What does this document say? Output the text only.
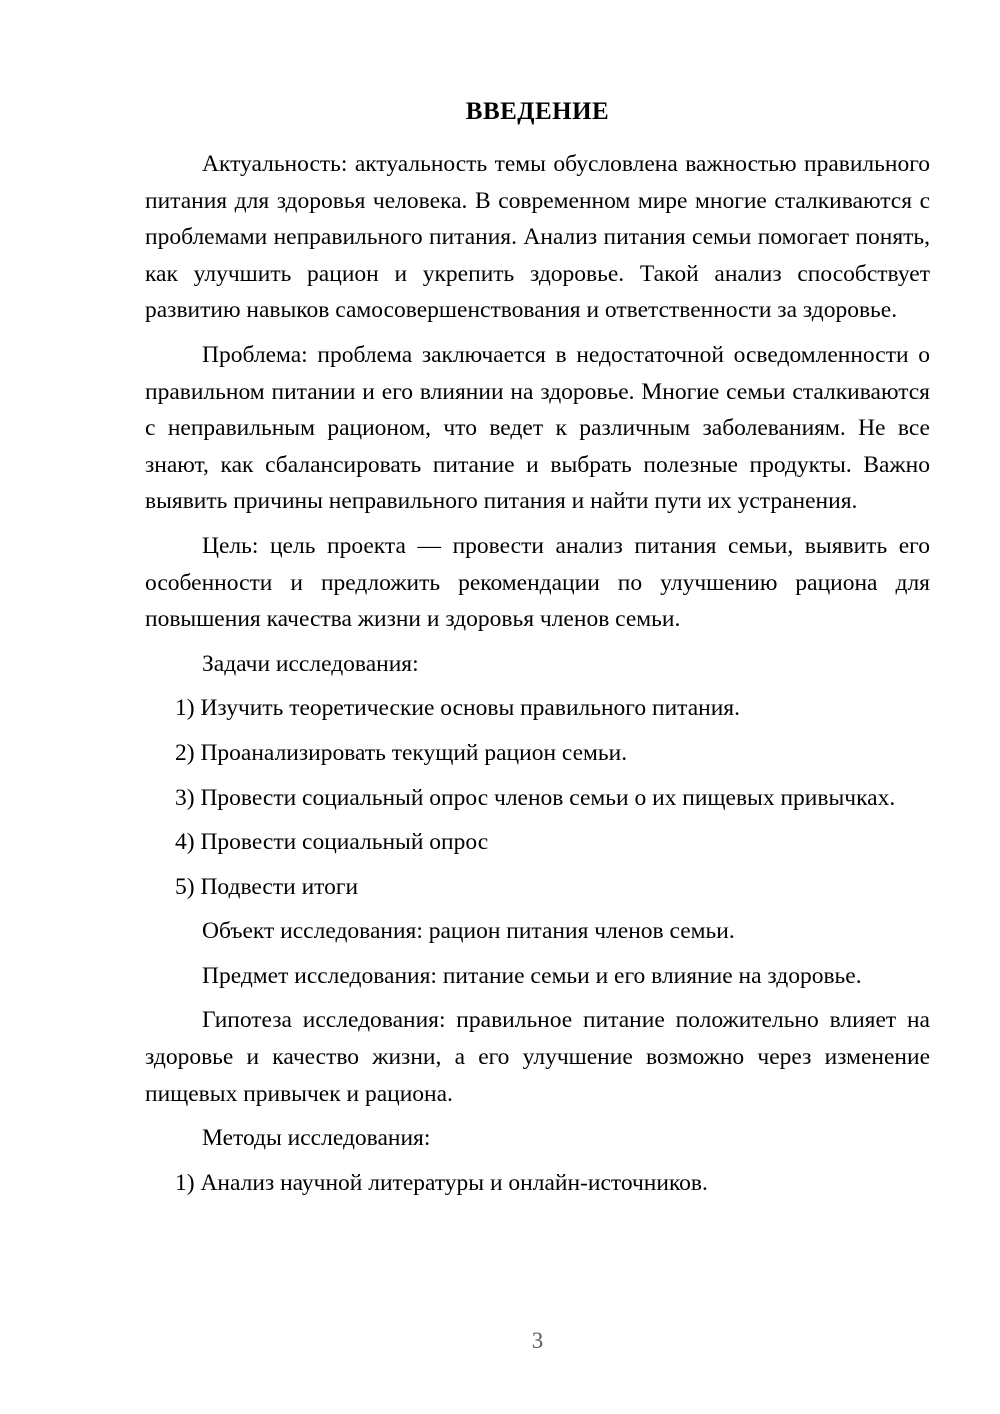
ВВЕДЕНИЕ

Актуальность: актуальность темы обусловлена важностью правильного питания для здоровья человека. В современном мире многие сталкиваются с проблемами неправильного питания. Анализ питания семьи помогает понять, как улучшить рацион и укрепить здоровье. Такой анализ способствует развитию навыков самосовершенствования и ответственности за здоровье.

Проблема: проблема заключается в недостаточной осведомленности о правильном питании и его влиянии на здоровье. Многие семьи сталкиваются с неправильным рационом, что ведет к различным заболеваниям. Не все знают, как сбалансировать питание и выбрать полезные продукты. Важно выявить причины неправильного питания и найти пути их устранения.

Цель: цель проекта — провести анализ питания семьи, выявить его особенности и предложить рекомендации по улучшению рациона для повышения качества жизни и здоровья членов семьи.

Задачи исследования:

1) Изучить теоретические основы правильного питания.

2) Проанализировать текущий рацион семьи.

3) Провести социальный опрос членов семьи о их пищевых привычках.

4) Провести социальный опрос

5) Подвести итоги

Объект исследования: рацион питания членов семьи.

Предмет исследования: питание семьи и его влияние на здоровье.

Гипотеза исследования: правильное питание положительно влияет на здоровье и качество жизни, а его улучшение возможно через изменение пищевых привычек и рациона.

Методы исследования:

1) Анализ научной литературы и онлайн-источников.

3
